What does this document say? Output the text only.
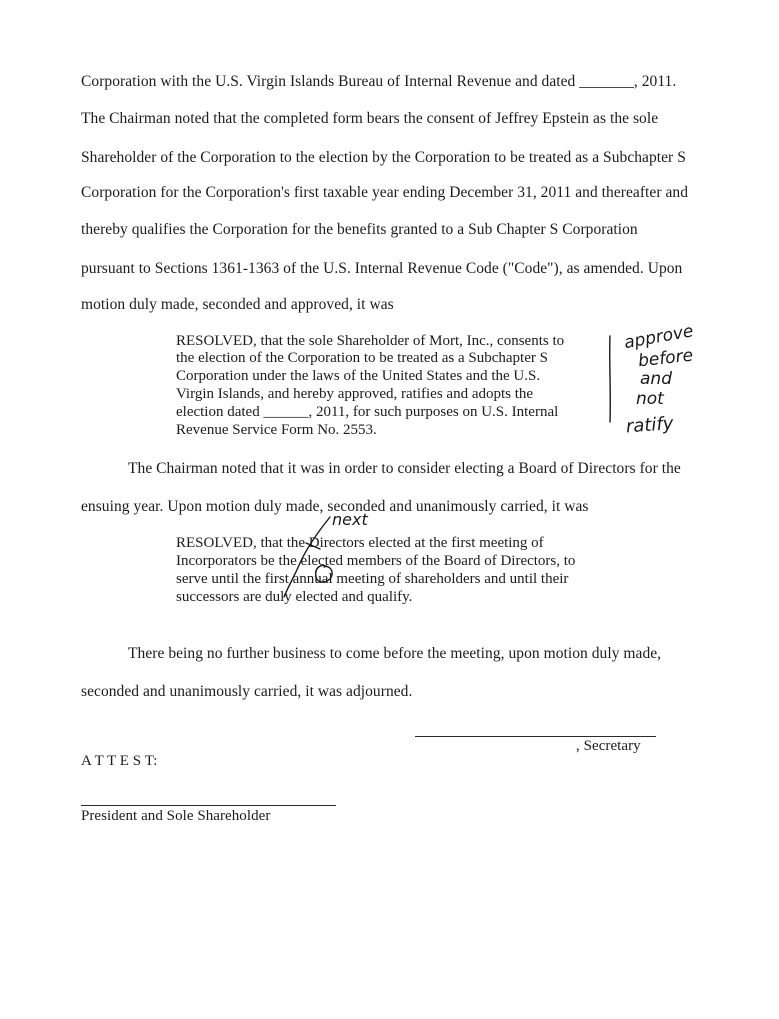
Corporation with the U.S. Virgin Islands Bureau of Internal Revenue and dated _______, 2011.
The Chairman noted that the completed form bears the consent of Jeffrey Epstein as the sole
Shareholder of the Corporation to the election by the Corporation to be treated as a Subchapter S
Corporation for the Corporation's first taxable year ending December 31, 2011 and thereafter and
thereby qualifies the Corporation for the benefits granted to a Sub Chapter S Corporation
pursuant to Sections 1361-1363 of the U.S. Internal Revenue Code ("Code"), as amended. Upon
motion duly made, seconded and approved, it was
RESOLVED, that the sole Shareholder of Mort, Inc., consents to
the election of the Corporation to be treated as a Subchapter S
Corporation under the laws of the United States and the U.S.
Virgin Islands, and hereby approved, ratifies and adopts the
election dated ______, 2011, for such purposes on U.S. Internal
Revenue Service Form No. 2553.
approve
before
and
not
ratify
The Chairman noted that it was in order to consider electing a Board of Directors for the
ensuing year. Upon motion duly made, seconded and unanimously carried, it was
RESOLVED, that the Directors elected at the first meeting of
Incorporators be the elected members of the Board of Directors, to
serve until the first annual meeting of shareholders and until their
successors are duly elected and qualify.
next
There being no further business to come before the meeting, upon motion duly made,
seconded and unanimously carried, it was adjourned.
, Secretary
A T T E S T:
President and Sole Shareholder
